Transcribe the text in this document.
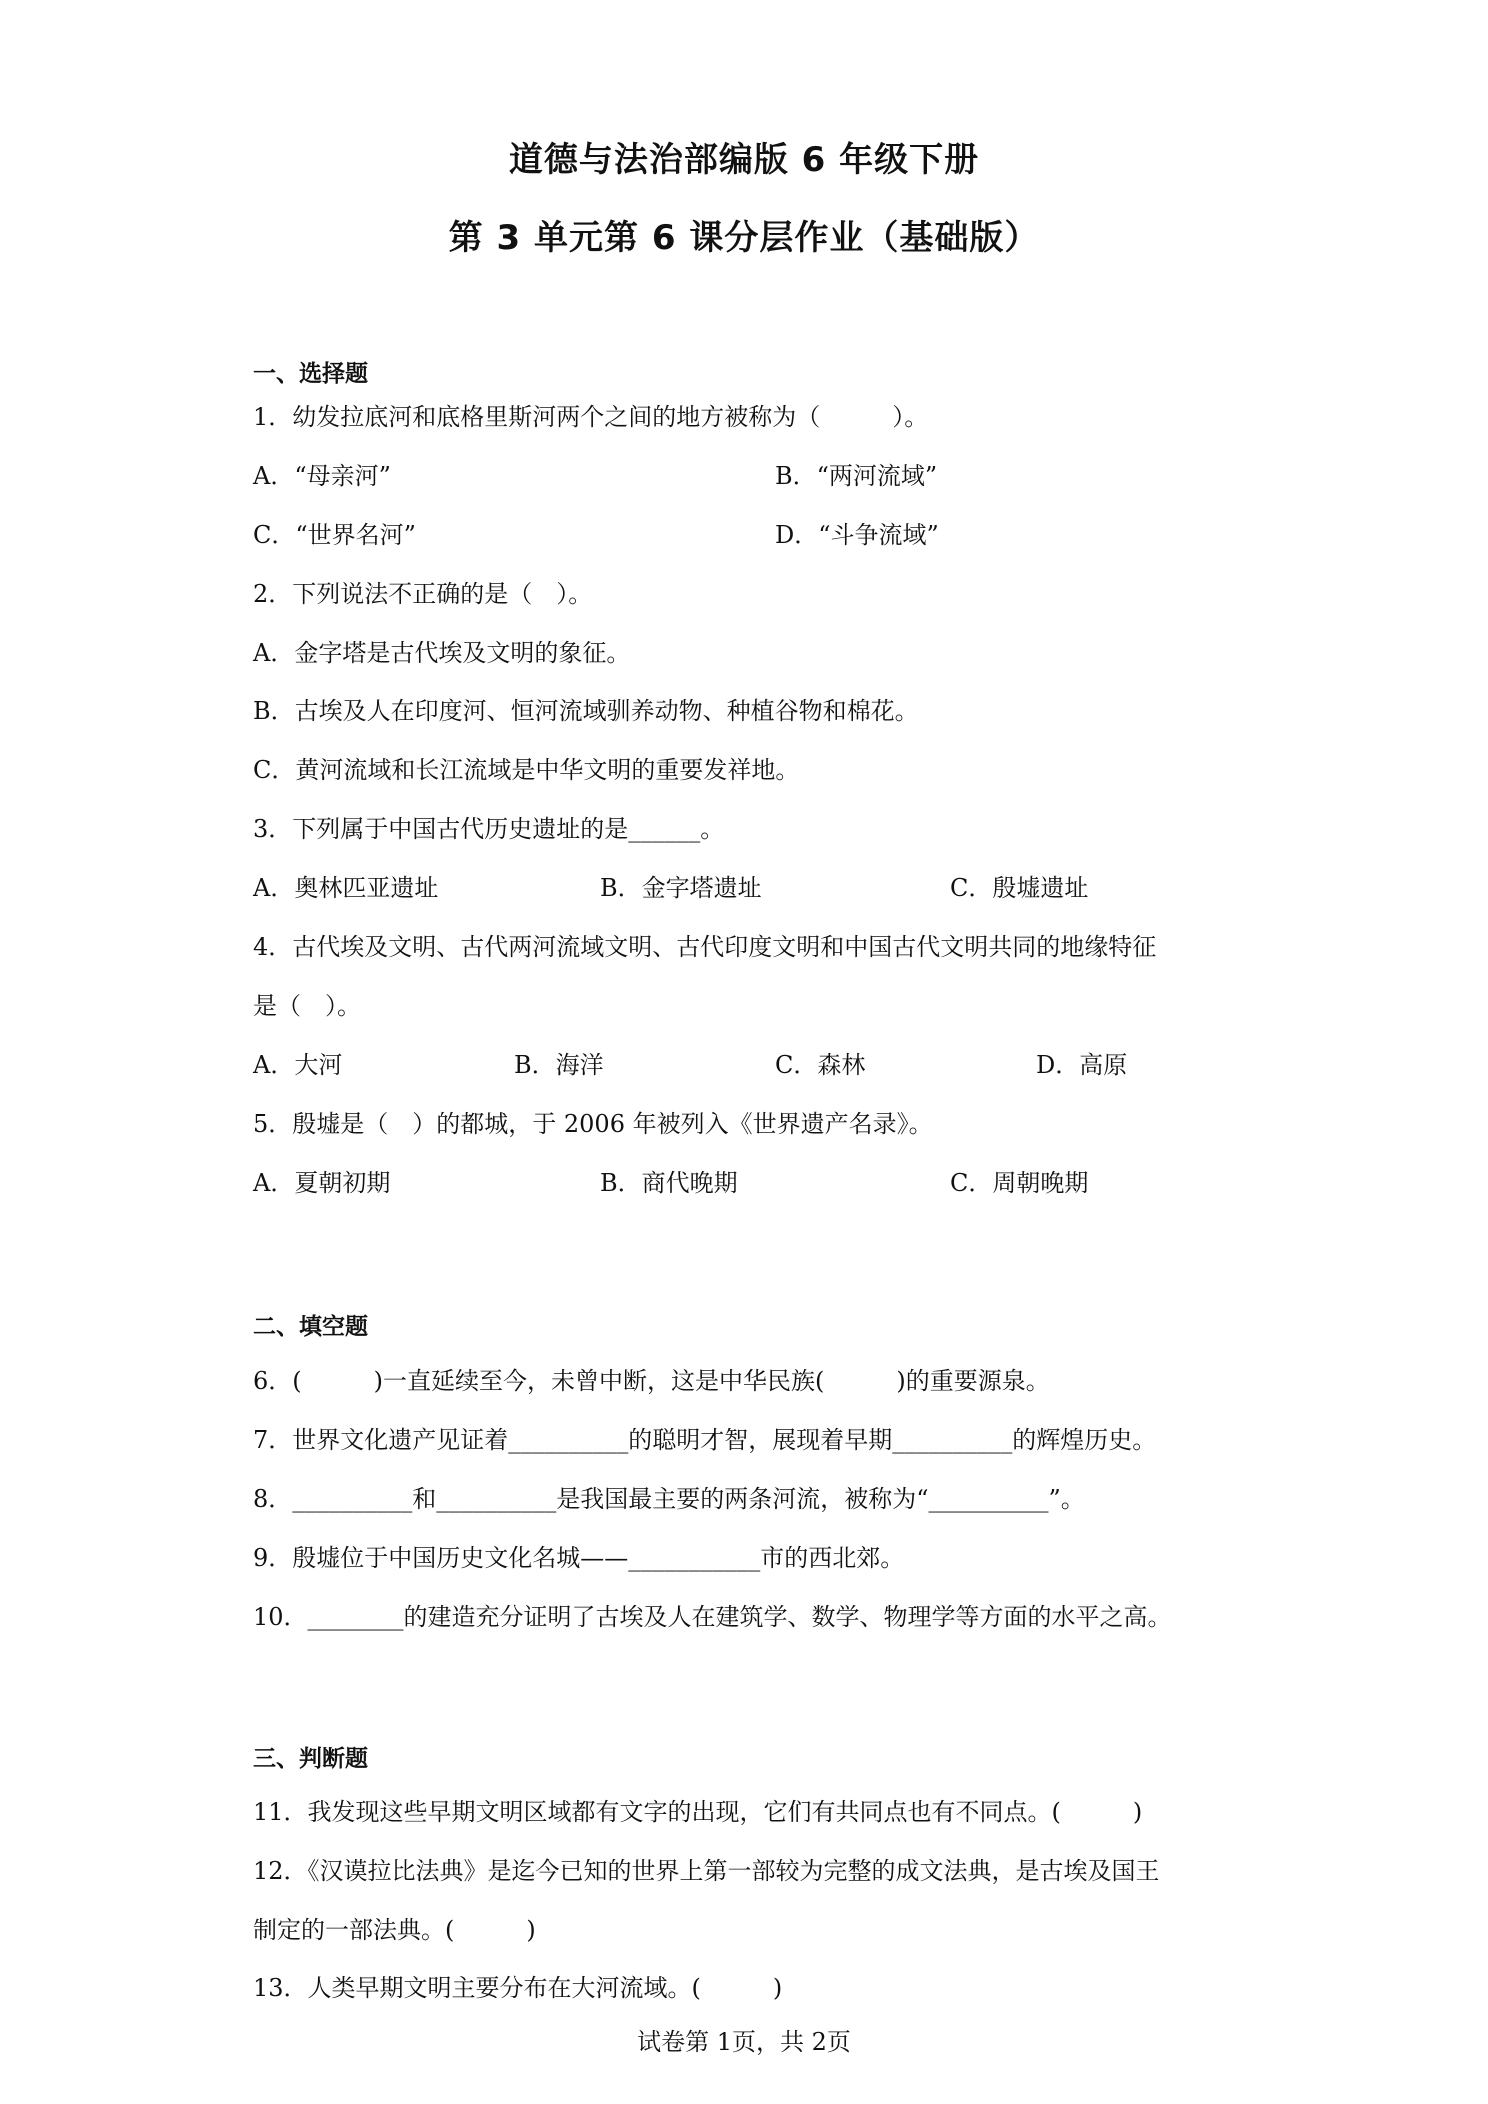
道德与法治部编版 6 年级下册
第 3 单元第 6 课分层作业（基础版）
一、选择题
1．幼发拉底河和底格里斯河两个之间的地方被称为（　　　）。
A．“母亲河”	B．“两河流域”
C．“世界名河”	D．“斗争流域”
2．下列说法不正确的是（　）。
A．金字塔是古代埃及文明的象征。
B．古埃及人在印度河、恒河流域驯养动物、种植谷物和棉花。
C．黄河流域和长江流域是中华文明的重要发祥地。
3．下列属于中国古代历史遗址的是______。
A．奥林匹亚遗址	B．金字塔遗址	C．殷墟遗址
4．古代埃及文明、古代两河流域文明、古代印度文明和中国古代文明共同的地缘特征
是（　）。
A．大河	B．海洋	C．森林	D．高原
5．殷墟是（　）的都城，于 2006 年被列入《世界遗产名录》。
A．夏朝初期	B．商代晚期	C．周朝晚期
二、填空题
6．(　　　)一直延续至今，未曾中断，这是中华民族(　　　)的重要源泉。
7．世界文化遗产见证着__________的聪明才智，展现着早期__________的辉煌历史。
8．__________和__________是我国最主要的两条河流，被称为“__________”。
9．殷墟位于中国历史文化名城——___________市的西北郊。
10．________的建造充分证明了古埃及人在建筑学、数学、物理学等方面的水平之高。
三、判断题
11．我发现这些早期文明区域都有文字的出现，它们有共同点也有不同点。(　　　)
12．《汉谟拉比法典》是迄今已知的世界上第一部较为完整的成文法典，是古埃及国王
制定的一部法典。(　　　)
13．人类早期文明主要分布在大河流域。(　　　)
试卷第 1页，共 2页
